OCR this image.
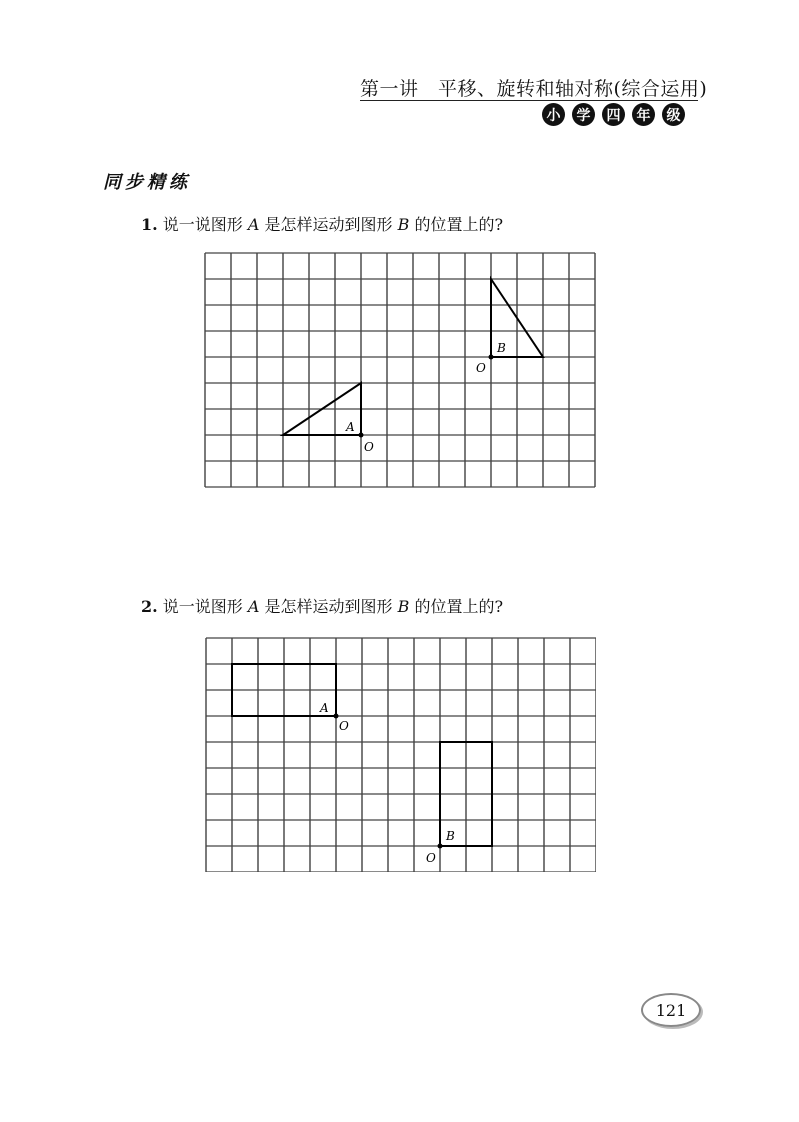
第一讲　平移、旋转和轴对称(综合运用)
小	学	四	年	级
同步精练
1. 说一说图形 A 是怎样运动到图形 B 的位置上的?
A
O
B
O
2. 说一说图形 A 是怎样运动到图形 B 的位置上的?
A
O
B
O
121
